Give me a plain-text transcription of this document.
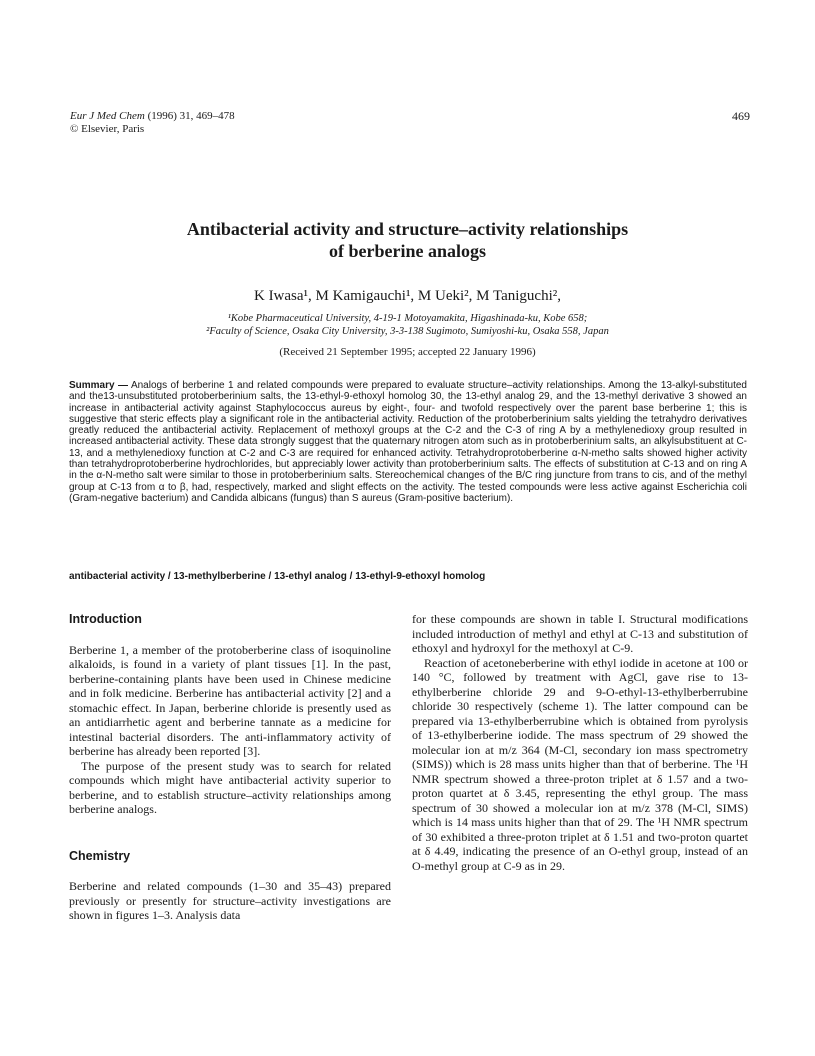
Eur J Med Chem (1996) 31, 469–478
© Elsevier, Paris
469
Antibacterial activity and structure–activity relationships
of berberine analogs
K Iwasa¹, M Kamigauchi¹, M Ueki², M Taniguchi²,
¹Kobe Pharmaceutical University, 4-19-1 Motoyamakita, Higashinada-ku, Kobe 658;
²Faculty of Science, Osaka City University, 3-3-138 Sugimoto, Sumiyoshi-ku, Osaka 558, Japan
(Received 21 September 1995; accepted 22 January 1996)
Summary — Analogs of berberine 1 and related compounds were prepared to evaluate structure–activity relationships. Among the 13-alkyl-substituted and the13-unsubstituted protoberberinium salts, the 13-ethyl-9-ethoxyl homolog 30, the 13-ethyl analog 29, and the 13-methyl derivative 3 showed an increase in antibacterial activity against Staphylococcus aureus by eight-, four- and twofold respectively over the parent base berberine 1; this is suggestive that steric effects play a significant role in the antibacterial activity. Reduction of the protoberberinium salts yielding the tetrahydro derivatives greatly reduced the antibacterial activity. Replacement of methoxyl groups at the C-2 and the C-3 of ring A by a methylenedioxy group resulted in increased antibacterial activity. These data strongly suggest that the quaternary nitrogen atom such as in protoberberinium salts, an alkylsubstituent at C-13, and a methylenedioxy function at C-2 and C-3 are required for enhanced activity. Tetrahydroprotoberberine α-N-metho salts showed higher activity than tetrahydroprotoberberine hydrochlorides, but appreciably lower activity than protoberberinium salts. The effects of substitution at C-13 and on ring A in the α-N-metho salt were similar to those in protoberberinium salts. Stereochemical changes of the B/C ring juncture from trans to cis, and of the methyl group at C-13 from α to β, had, respectively, marked and slight effects on the activity. The tested compounds were less active against Escherichia coli (Gram-negative bacterium) and Candida albicans (fungus) than S aureus (Gram-positive bacterium).
antibacterial activity / 13-methylberberine / 13-ethyl analog / 13-ethyl-9-ethoxyl homolog
Introduction

Berberine 1, a member of the protoberberine class of isoquinoline alkaloids, is found in a variety of plant tissues [1]. In the past, berberine-containing plants have been used in Chinese medicine and in folk medicine. Berberine has antibacterial activity [2] and a stomachic effect. In Japan, berberine chloride is presently used as an antidiarrhetic agent and berberine tannate as a medicine for intestinal bacterial disorders. The anti-inflammatory activity of berberine has already been reported [3].

The purpose of the present study was to search for related compounds which might have antibacterial activity superior to berberine, and to establish structure–activity relationships among berberine analogs.

Chemistry

Berberine and related compounds (1–30 and 35–43) prepared previously or presently for structure–activity investigations are shown in figures 1–3. Analysis data

for these compounds are shown in table I. Structural modifications included introduction of methyl and ethyl at C-13 and substitution of ethoxyl and hydroxyl for the methoxyl at C-9.

Reaction of acetoneberberine with ethyl iodide in acetone at 100 or 140 °C, followed by treatment with AgCl, gave rise to 13-ethylberberine chloride 29 and 9-O-ethyl-13-ethylberberrubine chloride 30 respectively (scheme 1). The latter compound can be prepared via 13-ethylberberrubine which is obtained from pyrolysis of 13-ethylberberine iodide. The mass spectrum of 29 showed the molecular ion at m/z 364 (M-Cl, secondary ion mass spectrometry (SIMS)) which is 28 mass units higher than that of berberine. The ¹H NMR spectrum showed a three-proton triplet at δ 1.57 and a two-proton quartet at δ 3.45, representing the ethyl group. The mass spectrum of 30 showed a molecular ion at m/z 378 (M-Cl, SIMS) which is 14 mass units higher than that of 29. The ¹H NMR spectrum of 30 exhibited a three-proton triplet at δ 1.51 and two-proton quartet at δ 4.49, indicating the presence of an O-ethyl group, instead of an O-methyl group at C-9 as in 29.
